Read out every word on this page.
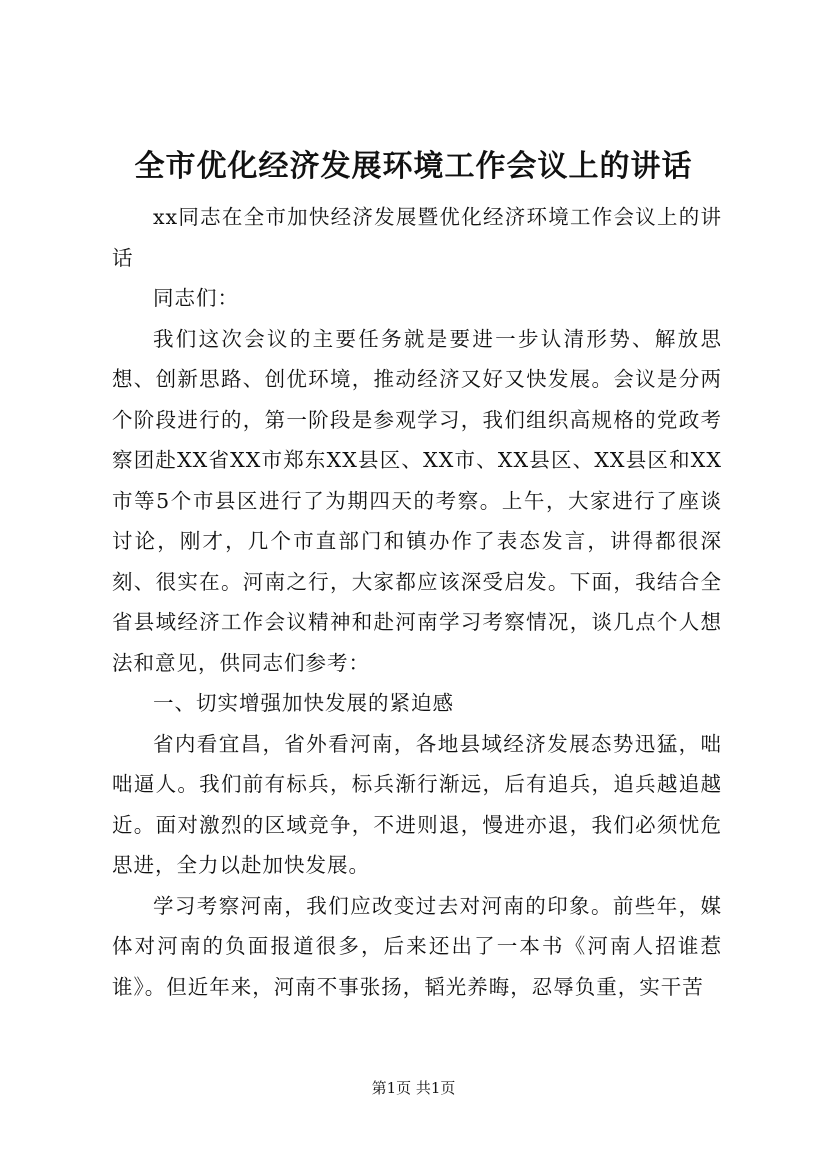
全市优化经济发展环境工作会议上的讲话

xx同志在全市加快经济发展暨优化经济环境工作会议上的讲话

同志们：

我们这次会议的主要任务就是要进一步认清形势、解放思想、创新思路、创优环境，推动经济又好又快发展。会议是分两个阶段进行的，第一阶段是参观学习，我们组织高规格的党政考察团赴XX省XX市郑东XX县区、XX市、XX县区、XX县区和XX市等5个市县区进行了为期四天的考察。上午，大家进行了座谈讨论，刚才，几个市直部门和镇办作了表态发言，讲得都很深刻、很实在。河南之行，大家都应该深受启发。下面，我结合全省县域经济工作会议精神和赴河南学习考察情况，谈几点个人想法和意见，供同志们参考：

一、切实增强加快发展的紧迫感

省内看宜昌，省外看河南，各地县域经济发展态势迅猛，咄咄逼人。我们前有标兵，标兵渐行渐远，后有追兵，追兵越追越近。面对激烈的区域竞争，不进则退，慢进亦退，我们必须忧危思进，全力以赴加快发展。

学习考察河南，我们应改变过去对河南的印象。前些年，媒体对河南的负面报道很多，后来还出了一本书《河南人招谁惹谁》。但近年来，河南不事张扬，韬光养晦，忍辱负重，实干苦

第1页 共1页
